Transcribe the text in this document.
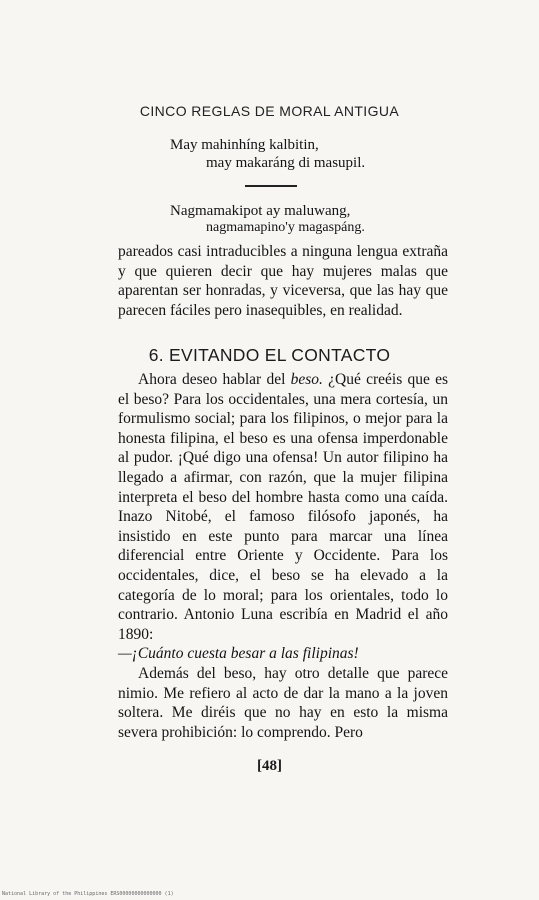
CINCO REGLAS DE MORAL ANTIGUA
May mahinhíng kalbitin,
may makaráng di masupil.
Nagmamakipot ay maluwang,
nagmamapino'y magaspáng.

pareados casi intraducibles a ninguna lengua extraña y que quieren decir que hay mujeres malas que aparentan ser honradas, y viceversa, que las hay que parecen fáciles pero inasequibles, en realidad.

6. EVITANDO EL CONTACTO

Ahora deseo hablar del beso. ¿Qué creéis que es el beso? Para los occidentales, una mera cortesía, un formulismo social; para los filipinos, o mejor para la honesta filipina, el beso es una ofensa imperdonable al pudor. ¡Qué digo una ofensa! Un autor filipino ha llegado a afirmar, con razón, que la mujer filipina interpreta el beso del hombre hasta como una caída. Inazo Nitobé, el famoso filósofo japonés, ha insistido en este punto para marcar una línea diferencial entre Oriente y Occidente. Para los occidentales, dice, el beso se ha elevado a la categoría de lo moral; para los orientales, todo lo contrario. Antonio Luna escribía en Madrid el año 1890:

—¡Cuánto cuesta besar a las filipinas!

Además del beso, hay otro detalle que parece nimio. Me refiero al acto de dar la mano a la joven soltera. Me diréis que no hay en esto la misma severa prohibición: lo comprendo. Pero

[48]
National Library of the Philippines ERS00000000000000 (1)
